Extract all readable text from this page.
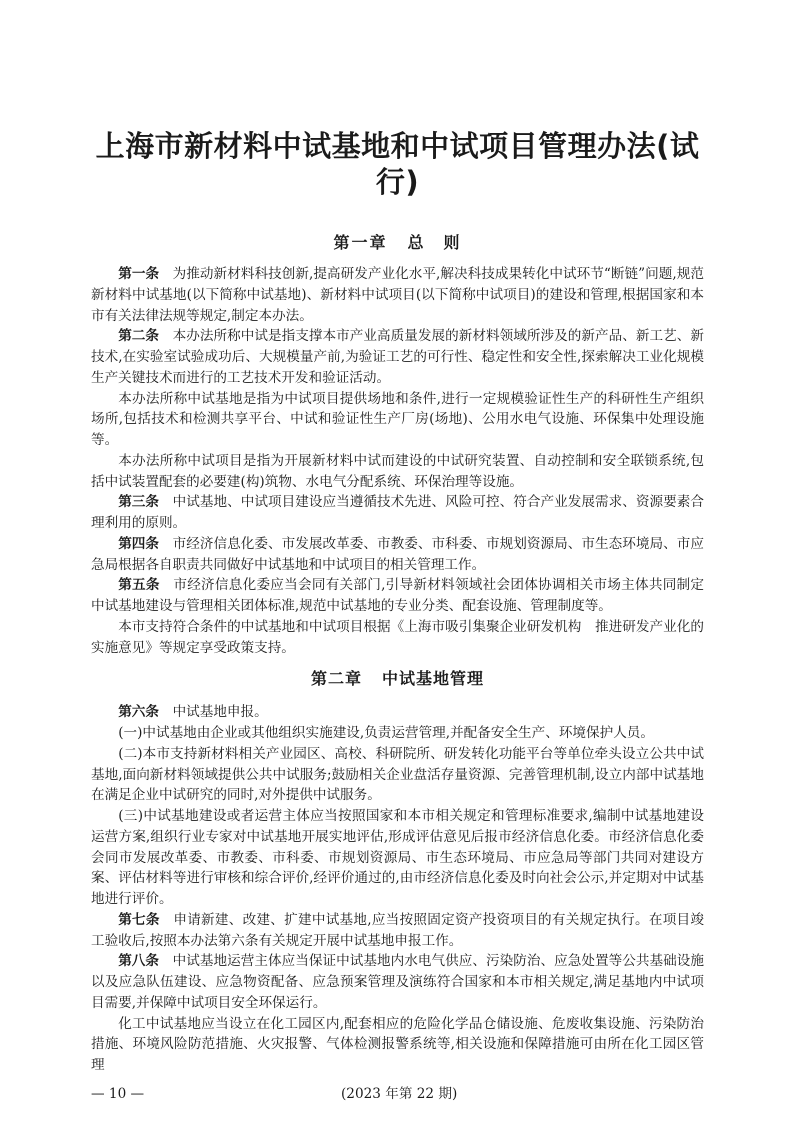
上海市新材料中试基地和中试项目管理办法(试行)
第一章 总　则

第一条 为推动新材料科技创新,提高研发产业化水平,解决科技成果转化中试环节“断链”问题,规范新材料中试基地(以下简称中试基地)、新材料中试项目(以下简称中试项目)的建设和管理,根据国家和本市有关法律法规等规定,制定本办法。

第二条 本办法所称中试是指支撑本市产业高质量发展的新材料领域所涉及的新产品、新工艺、新技术,在实验室试验成功后、大规模量产前,为验证工艺的可行性、稳定性和安全性,探索解决工业化规模生产关键技术而进行的工艺技术开发和验证活动。

本办法所称中试基地是指为中试项目提供场地和条件,进行一定规模验证性生产的科研性生产组织场所,包括技术和检测共享平台、中试和验证性生产厂房(场地)、公用水电气设施、环保集中处理设施等。

本办法所称中试项目是指为开展新材料中试而建设的中试研究装置、自动控制和安全联锁系统,包括中试装置配套的必要建(构)筑物、水电气分配系统、环保治理等设施。

第三条 中试基地、中试项目建设应当遵循技术先进、风险可控、符合产业发展需求、资源要素合理利用的原则。

第四条 市经济信息化委、市发展改革委、市教委、市科委、市规划资源局、市生态环境局、市应急局根据各自职责共同做好中试基地和中试项目的相关管理工作。

第五条 市经济信息化委应当会同有关部门,引导新材料领域社会团体协调相关市场主体共同制定中试基地建设与管理相关团体标准,规范中试基地的专业分类、配套设施、管理制度等。

本市支持符合条件的中试基地和中试项目根据《上海市吸引集聚企业研发机构　推进研发产业化的实施意见》等规定享受政策支持。

第二章 中试基地管理

第六条 中试基地申报。

(一)中试基地由企业或其他组织实施建设,负责运营管理,并配备安全生产、环境保护人员。

(二)本市支持新材料相关产业园区、高校、科研院所、研发转化功能平台等单位牵头设立公共中试基地,面向新材料领域提供公共中试服务;鼓励相关企业盘活存量资源、完善管理机制,设立内部中试基地在满足企业中试研究的同时,对外提供中试服务。

(三)中试基地建设或者运营主体应当按照国家和本市相关规定和管理标准要求,编制中试基地建设运营方案,组织行业专家对中试基地开展实地评估,形成评估意见后报市经济信息化委。市经济信息化委会同市发展改革委、市教委、市科委、市规划资源局、市生态环境局、市应急局等部门共同对建设方案、评估材料等进行审核和综合评价,经评价通过的,由市经济信息化委及时向社会公示,并定期对中试基地进行评价。

第七条 申请新建、改建、扩建中试基地,应当按照固定资产投资项目的有关规定执行。在项目竣工验收后,按照本办法第六条有关规定开展中试基地申报工作。

第八条 中试基地运营主体应当保证中试基地内水电气供应、污染防治、应急处置等公共基础设施以及应急队伍建设、应急物资配备、应急预案管理及演练符合国家和本市相关规定,满足基地内中试项目需要,并保障中试项目安全环保运行。

化工中试基地应当设立在化工园区内,配套相应的危险化学品仓储设施、危废收集设施、污染防治措施、环境风险防范措施、火灾报警、气体检测报警系统等,相关设施和保障措施可由所在化工园区管理

— 10 —	(2023 年第 22 期)
